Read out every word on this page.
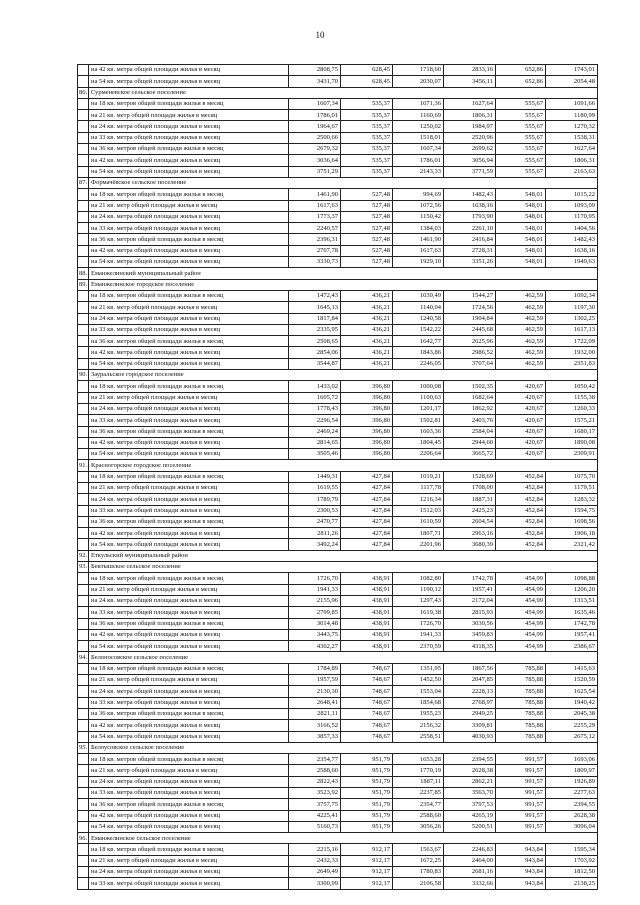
10
	на 42 кв. метра общей площади жилья в месяц	2808,75	628,45	1718,60	2833,16	652,86	1743,01
	на 54 кв. метра общей площади жилья в месяц	3431,70	628,45	2030,07	3456,11	652,86	2054,48
86.	Сурменевское сельское поселение						
	на 18 кв. метров общей площади жилья в месяц	1607,34	535,37	1071,36	1627,64	555,67	1091,66
	на 21 кв. метр общей площади жилья в месяц	1786,01	535,37	1160,69	1806,31	555,67	1180,99
	на 24 кв. метра общей площади жилья в месяц	1964,67	535,37	1250,02	1984,97	555,67	1270,32
	на 33 кв. метра общей площади жилья в месяц	2500,66	535,37	1518,01	2520,96	555,67	1538,31
	на 36 кв. метров общей площади жилья в месяц	2679,32	535,37	1607,34	2699,62	555,67	1627,64
	на 42 кв. метра общей площади жилья в месяц	3036,64	535,37	1786,01	3056,94	555,67	1806,31
	на 54 кв. метра общей площади жилья в месяц	3751,29	535,37	2143,33	3771,59	555,67	2163,63
87.	Формачёвское сельское поселение						
	на 18 кв. метров общей площади жилья в месяц	1461,90	527,48	994,69	1482,43	548,01	1015,22
	на 21 кв. метр общей площади жилья в месяц	1617,63	527,48	1072,56	1638,16	548,01	1093,09
	на 24 кв. метра общей площади жилья в месяц	1773,37	527,48	1150,42	1793,90	548,01	1170,95
	на 33 кв. метра общей площади жилья в месяц	2240,57	527,48	1384,03	2261,10	548,01	1404,56
	на 36 кв. метров общей площади жилья в месяц	2396,31	527,48	1461,90	2416,84	548,01	1482,43
	на 42 кв. метра общей площади жилья в месяц	2707,78	527,48	1617,63	2728,31	548,01	1638,16
	на 54 кв. метра общей площади жилья в месяц	3330,73	527,48	1929,10	3351,26	548,01	1949,63
88.	Еманжелинский муниципальный район						
89.	Еманжелинское городское поселение						
	на 18 кв. метров общей площади жилья в месяц	1472,43	436,21	1039,49	1544,27	462,59	1092,34
	на 21 кв. метр общей площади жилья в месяц	1645,13	436,21	1140,04	1724,56	462,59	1197,30
	на 24 кв. метра общей площади жилья в месяц	1817,84	436,21	1240,58	1904,84	462,59	1302,25
	на 33 кв. метра общей площади жилья в месяц	2335,95	436,21	1542,22	2445,68	462,59	1617,13
	на 36 кв. метров общей площади жилья в месяц	2508,65	436,21	1642,77	2625,96	462,59	1722,09
	на 42 кв. метра общей площади жилья в месяц	2854,06	436,21	1843,86	2986,52	462,59	1932,00
	на 54 кв. метра общей площади жилья в месяц	3544,87	436,21	2246,05	3707,64	462,59	2351,83
90.	Зауральское городское поселение						
	на 18 кв. метров общей площади жилья в месяц	1433,02	396,80	1000,08	1502,35	420,67	1050,42
	на 21 кв. метр общей площади жилья в месяц	1605,72	396,80	1100,63	1682,64	420,67	1155,38
	на 24 кв. метра общей площади жилья в месяц	1778,43	396,80	1201,17	1862,92	420,67	1260,33
	на 33 кв. метра общей площади жилья в месяц	2296,54	396,80	1502,81	2403,76	420,67	1575,21
	на 36 кв. метров общей площади жилья в месяц	2469,24	396,80	1603,36	2584,04	420,67	1680,17
	на 42 кв. метра общей площади жилья в месяц	2814,65	396,80	1804,45	2944,60	420,67	1890,08
	на 54 кв. метра общей площади жилья в месяц	3505,46	396,80	2206,64	3665,72	420,67	2309,91
91.	Красногорское городское поселение						
	на 18 кв. метров общей площади жилья в месяц	1449,31	427,84	1019,21	1528,69	452,84	1075,70
	на 21 кв. метр общей площади жилья в месяц	1619,55	427,84	1117,78	1708,00	452,84	1179,51
	на 24 кв. метра общей площади жилья в месяц	1789,79	427,84	1216,34	1887,31	452,84	1283,32
	на 33 кв. метра общей площади жилья в месяц	2300,53	427,84	1512,03	2425,23	452,84	1594,75
	на 36 кв. метров общей площади жилья в месяц	2470,77	427,84	1610,59	2604,54	452,84	1698,56
	на 42 кв. метра общей площади жилья в месяц	2811,26	427,84	1807,71	2963,16	452,84	1906,18
	на 54 кв. метра общей площади жилья в месяц	3492,24	427,84	2201,96	3680,39	452,84	2321,42
92.	Еткульский муниципальный район						
93.	Бектышское сельское поселение						
	на 18 кв. метров общей площади жилья в месяц	1726,70	438,91	1082,80	1742,78	454,99	1098,88
	на 21 кв. метр общей площади жилья в месяц	1941,33	438,91	1190,12	1957,41	454,99	1206,20
	на 24 кв. метра общей площади жилья в месяц	2155,96	438,91	1297,43	2172,04	454,99	1313,51
	на 33 кв. метра общей площади жилья в месяц	2799,85	438,91	1619,38	2815,93	454,99	1635,46
	на 36 кв. метров общей площади жилья в месяц	3014,48	438,91	1726,70	3030,56	454,99	1742,78
	на 42 кв. метра общей площади жилья в месяц	3443,75	438,91	1941,33	3459,83	454,99	1957,41
	на 54 кв. метра общей площади жилья в месяц	4302,27	438,91	2370,59	4318,35	454,99	2386,67
94.	Белоносовское сельское поселение						
	на 18 кв. метров общей площади жилья в месяц	1784,89	748,67	1351,95	1867,56	785,88	1415,63
	на 21 кв. метр общей площади жилья в месяц	1957,59	748,67	1452,50	2047,85	785,88	1520,59
	на 24 кв. метра общей площади жилья в месяц	2130,30	748,67	1553,04	2228,13	785,88	1625,54
	на 33 кв. метра общей площади жилья в месяц	2648,41	748,67	1854,68	2768,97	785,88	1940,42
	на 36 кв. метров общей площади жилья в месяц	2821,11	748,67	1955,23	2949,25	785,88	2045,38
	на 42 кв. метра общей площади жилья в месяц	3166,52	748,67	2156,32	3309,81	785,88	2255,29
	на 54 кв. метра общей площади жилья в месяц	3857,33	748,67	2558,51	4030,93	785,88	2675,12
95.	Белоусовское сельское поселение						
	на 18 кв. метров общей площади жилья в месяц	2354,77	951,79	1653,28	2394,55	991,57	1693,06
	на 21 кв. метр общей площади жилья в месяц	2588,60	951,79	1770,19	2628,38	991,57	1809,97
	на 24 кв. метра общей площади жилья в месяц	2822,43	951,79	1887,11	2862,21	991,57	1926,89
	на 33 кв. метра общей площади жилья в месяц	3523,92	951,79	2237,85	3563,70	991,57	2277,63
	на 36 кв. метров общей площади жилья в месяц	3757,75	951,79	2354,77	3797,53	991,57	2394,55
	на 42 кв. метра общей площади жилья в месяц	4225,41	951,79	2588,60	4265,19	991,57	2628,38
	на 54 кв. метра общей площади жилья в месяц	5160,73	951,79	3056,26	5200,51	991,57	3096,04
96.	Еманжелинское сельское поселение						
	на 18 кв. метров общей площади жилья в месяц	2215,16	912,17	1563,67	2246,83	943,84	1595,34
	на 21 кв. метр общей площади жилья в месяц	2432,33	912,17	1672,25	2464,00	943,84	1703,92
	на 24 кв. метра общей площади жилья в месяц	2649,49	912,17	1780,83	2681,16	943,84	1812,50
	на 33 кв. метра общей площади жилья в месяц	3300,99	912,17	2106,58	3332,66	943,84	2138,25
